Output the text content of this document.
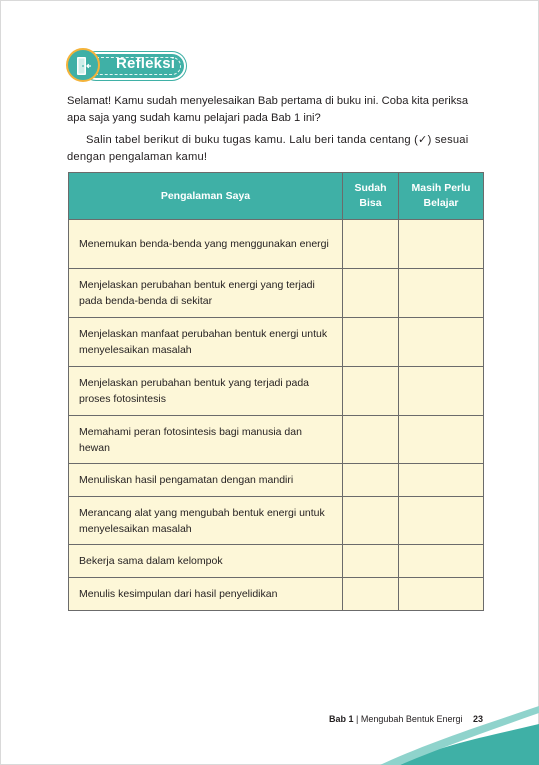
Refleksi

Selamat! Kamu sudah menyelesaikan Bab pertama di buku ini. Coba kita periksa apa saja yang sudah kamu pelajari pada Bab 1 ini?

Salin tabel berikut di buku tugas kamu. Lalu beri tanda centang (✓) sesuai dengan pengalaman kamu!

Pengalaman Saya	Sudah Bisa	Masih Perlu Belajar
Menemukan benda-benda yang menggunakan energi		
Menjelaskan perubahan bentuk energi yang terjadi pada benda-benda di sekitar		
Menjelaskan manfaat perubahan bentuk energi untuk menyelesaikan masalah		
Menjelaskan perubahan bentuk yang terjadi pada proses fotosintesis		
Memahami peran fotosintesis bagi manusia dan hewan		
Menuliskan hasil pengamatan dengan mandiri		
Merancang alat yang mengubah bentuk energi untuk menyelesaikan masalah		
Bekerja sama dalam kelompok		
Menulis kesimpulan dari hasil penyelidikan		
Bab 1 | Mengubah Bentuk Energi 23
